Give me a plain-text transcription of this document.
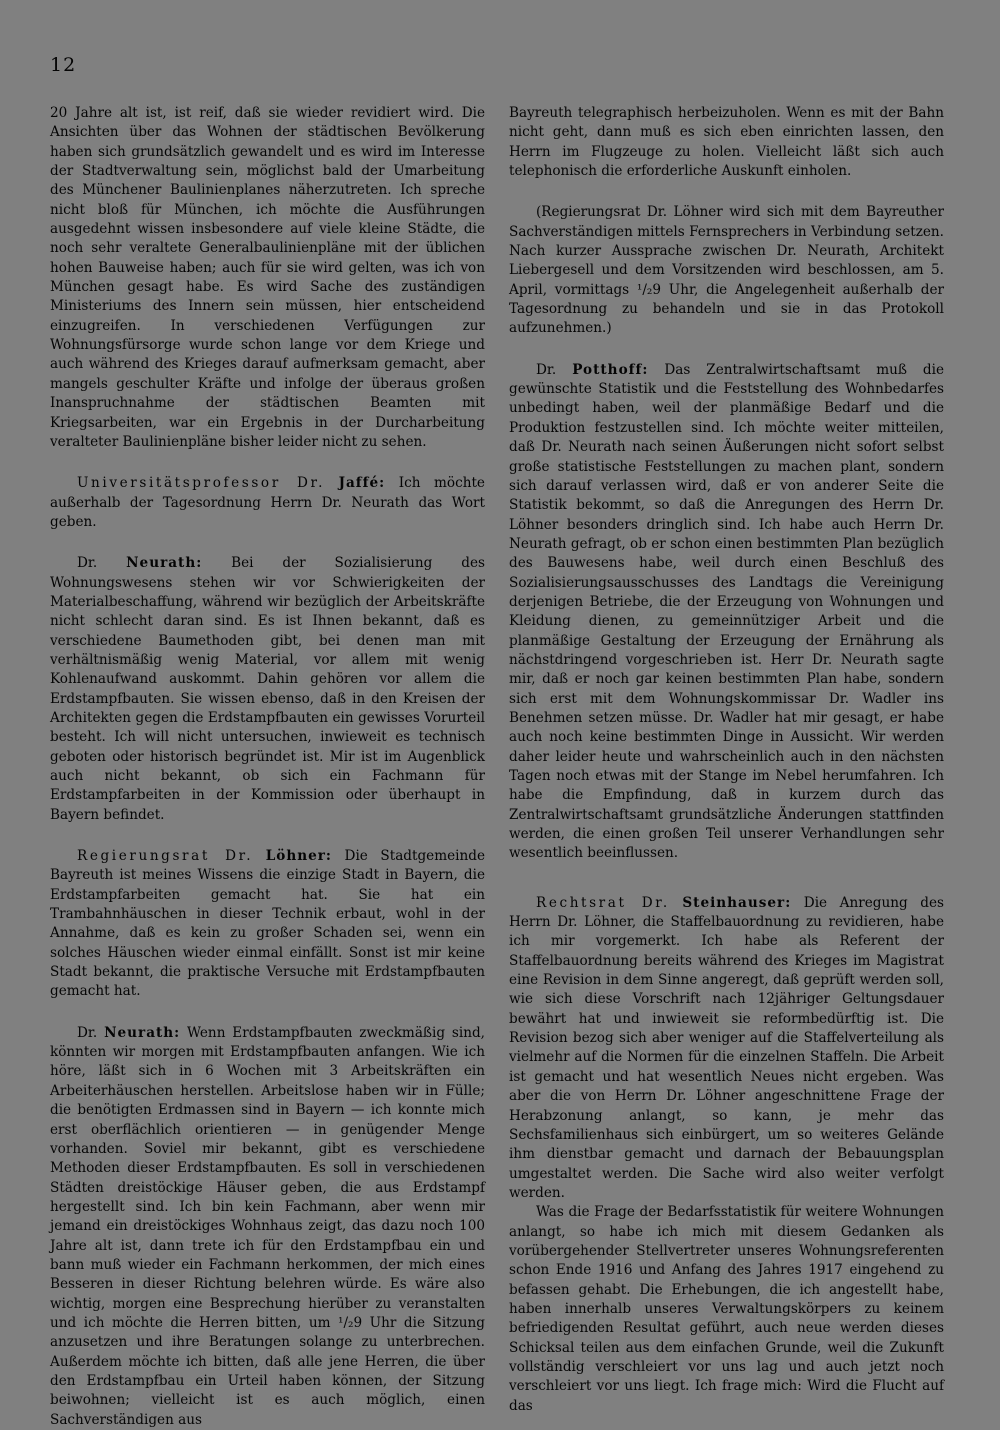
12

20 Jahre alt ist, ist reif, daß sie wieder revidiert wird. Die Ansichten über das Wohnen der städtischen Bevölkerung haben sich grundsätzlich gewandelt und es wird im Interesse der Stadtverwaltung sein, möglichst bald der Umarbeitung des Münchener Baulinienplanes näherzutreten. Ich spreche nicht bloß für München, ich möchte die Ausführungen ausgedehnt wissen insbesondere auf viele kleine Städte, die noch sehr veraltete Generalbaulinienpläne mit der üblichen hohen Bauweise haben; auch für sie wird gelten, was ich von München gesagt habe. Es wird Sache des zuständigen Ministeriums des Innern sein müssen, hier entscheidend einzugreifen. In verschiedenen Verfügungen zur Wohnungsfürsorge wurde schon lange vor dem Kriege und auch während des Krieges darauf aufmerksam gemacht, aber mangels geschulter Kräfte und infolge der überaus großen Inanspruchnahme der städtischen Beamten mit Kriegsarbeiten, war ein Ergebnis in der Durcharbeitung veralteter Baulinienpläne bisher leider nicht zu sehen.

Universitätsprofessor Dr. Jaffé: Ich möchte außerhalb der Tagesordnung Herrn Dr. Neurath das Wort geben.

Dr. Neurath: Bei der Sozialisierung des Wohnungswesens stehen wir vor Schwierigkeiten der Materialbeschaffung, während wir bezüglich der Arbeitskräfte nicht schlecht daran sind. Es ist Ihnen bekannt, daß es verschiedene Baumethoden gibt, bei denen man mit verhältnismäßig wenig Material, vor allem mit wenig Kohlenaufwand auskommt. Dahin gehören vor allem die Erdstampfbauten. Sie wissen ebenso, daß in den Kreisen der Architekten gegen die Erdstampfbauten ein gewisses Vorurteil besteht. Ich will nicht untersuchen, inwieweit es technisch geboten oder historisch begründet ist. Mir ist im Augenblick auch nicht bekannt, ob sich ein Fachmann für Erdstampfarbeiten in der Kommission oder überhaupt in Bayern befindet.

Regierungsrat Dr. Löhner: Die Stadtgemeinde Bayreuth ist meines Wissens die einzige Stadt in Bayern, die Erdstampfarbeiten gemacht hat. Sie hat ein Trambahnhäuschen in dieser Technik erbaut, wohl in der Annahme, daß es kein zu großer Schaden sei, wenn ein solches Häuschen wieder einmal einfällt. Sonst ist mir keine Stadt bekannt, die praktische Versuche mit Erdstampfbauten gemacht hat.

Dr. Neurath: Wenn Erdstampfbauten zweckmäßig sind, könnten wir morgen mit Erdstampfbauten anfangen. Wie ich höre, läßt sich in 6 Wochen mit 3 Arbeitskräften ein Arbeiterhäuschen herstellen. Arbeitslose haben wir in Fülle; die benötigten Erdmassen sind in Bayern — ich konnte mich erst oberflächlich orientieren — in genügender Menge vorhanden. Soviel mir bekannt, gibt es verschiedene Methoden dieser Erdstampfbauten. Es soll in verschiedenen Städten dreistöckige Häuser geben, die aus Erdstampf hergestellt sind. Ich bin kein Fachmann, aber wenn mir jemand ein dreistöckiges Wohnhaus zeigt, das dazu noch 100 Jahre alt ist, dann trete ich für den Erdstampfbau ein und bann muß wieder ein Fachmann herkommen, der mich eines Besseren in dieser Richtung belehren würde. Es wäre also wichtig, morgen eine Besprechung hierüber zu veranstalten und ich möchte die Herren bitten, um ¹/₂9 Uhr die Sitzung anzusetzen und ihre Beratungen solange zu unterbrechen. Außerdem möchte ich bitten, daß alle jene Herren, die über den Erdstampfbau ein Urteil haben können, der Sitzung beiwohnen; vielleicht ist es auch möglich, einen Sachverständigen aus

Bayreuth telegraphisch herbeizuholen. Wenn es mit der Bahn nicht geht, dann muß es sich eben einrichten lassen, den Herrn im Flugzeuge zu holen. Vielleicht läßt sich auch telephonisch die erforderliche Auskunft einholen.

(Regierungsrat Dr. Löhner wird sich mit dem Bayreuther Sachverständigen mittels Fernsprechers in Verbindung setzen. Nach kurzer Aussprache zwischen Dr. Neurath, Architekt Liebergesell und dem Vorsitzenden wird beschlossen, am 5. April, vormittags ¹/₂9 Uhr, die Angelegenheit außerhalb der Tagesordnung zu behandeln und sie in das Protokoll aufzunehmen.)

Dr. Potthoff: Das Zentralwirtschaftsamt muß die gewünschte Statistik und die Feststellung des Wohnbedarfes unbedingt haben, weil der planmäßige Bedarf und die Produktion festzustellen sind. Ich möchte weiter mitteilen, daß Dr. Neurath nach seinen Äußerungen nicht sofort selbst große statistische Feststellungen zu machen plant, sondern sich darauf verlassen wird, daß er von anderer Seite die Statistik bekommt, so daß die Anregungen des Herrn Dr. Löhner besonders dringlich sind. Ich habe auch Herrn Dr. Neurath gefragt, ob er schon einen bestimmten Plan bezüglich des Bauwesens habe, weil durch einen Beschluß des Sozialisierungsausschusses des Landtags die Vereinigung derjenigen Betriebe, die der Erzeugung von Wohnungen und Kleidung dienen, zu gemeinnütziger Arbeit und die planmäßige Gestaltung der Erzeugung der Ernährung als nächstdringend vorgeschrieben ist. Herr Dr. Neurath sagte mir, daß er noch gar keinen bestimmten Plan habe, sondern sich erst mit dem Wohnungskommissar Dr. Wadler ins Benehmen setzen müsse. Dr. Wadler hat mir gesagt, er habe auch noch keine bestimmten Dinge in Aussicht. Wir werden daher leider heute und wahrscheinlich auch in den nächsten Tagen noch etwas mit der Stange im Nebel herumfahren. Ich habe die Empfindung, daß in kurzem durch das Zentralwirtschaftsamt grundsätzliche Änderungen stattfinden werden, die einen großen Teil unserer Verhandlungen sehr wesentlich beeinflussen.

Rechtsrat Dr. Steinhauser: Die Anregung des Herrn Dr. Löhner, die Staffelbauordnung zu revidieren, habe ich mir vorgemerkt. Ich habe als Referent der Staffelbauordnung bereits während des Krieges im Magistrat eine Revision in dem Sinne angeregt, daß geprüft werden soll, wie sich diese Vorschrift nach 12jähriger Geltungsdauer bewährt hat und inwieweit sie reformbedürftig ist. Die Revision bezog sich aber weniger auf die Staffelverteilung als vielmehr auf die Normen für die einzelnen Staffeln. Die Arbeit ist gemacht und hat wesentlich Neues nicht ergeben. Was aber die von Herrn Dr. Löhner angeschnittene Frage der Herabzonung anlangt, so kann, je mehr das Sechsfamilienhaus sich einbürgert, um so weiteres Gelände ihm dienstbar gemacht und darnach der Bebauungsplan umgestaltet werden. Die Sache wird also weiter verfolgt werden.

Was die Frage der Bedarfsstatistik für weitere Wohnungen anlangt, so habe ich mich mit diesem Gedanken als vorübergehender Stellvertreter unseres Wohnungsreferenten schon Ende 1916 und Anfang des Jahres 1917 eingehend zu befassen gehabt. Die Erhebungen, die ich angestellt habe, haben innerhalb unseres Verwaltungskörpers zu keinem befriedigenden Resultat geführt, auch neue werden dieses Schicksal teilen aus dem einfachen Grunde, weil die Zukunft vollständig verschleiert vor uns lag und auch jetzt noch verschleiert vor uns liegt. Ich frage mich: Wird die Flucht auf das
